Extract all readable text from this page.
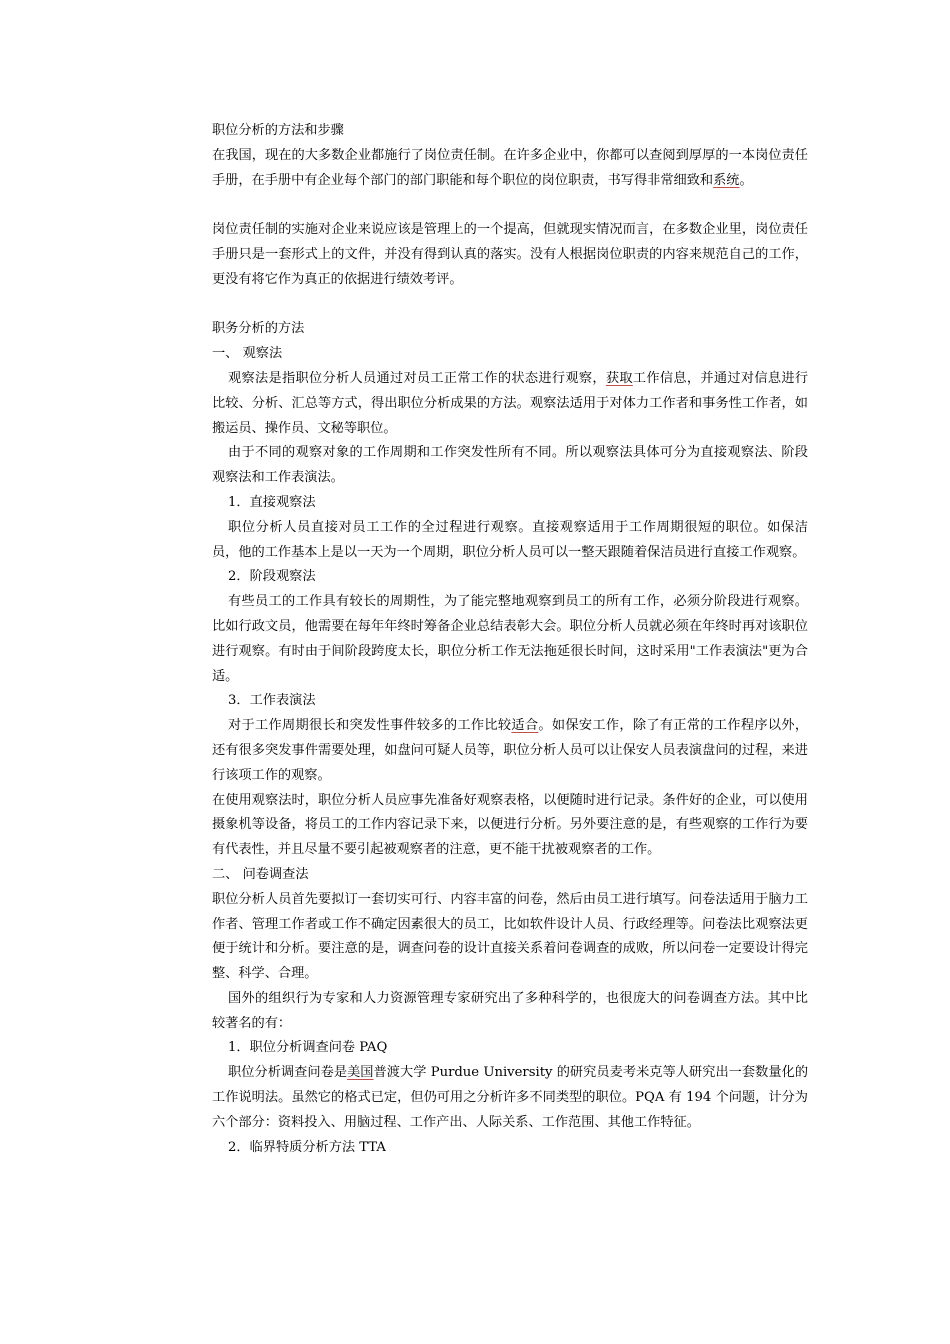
职位分析的方法和步骤
在我国，现在的大多数企业都施行了岗位责任制。在许多企业中，你都可以查阅到厚厚的一本岗位责任手册，在手册中有企业每个部门的部门职能和每个职位的岗位职责，书写得非常细致和系统。
岗位责任制的实施对企业来说应该是管理上的一个提高，但就现实情况而言，在多数企业里，岗位责任手册只是一套形式上的文件，并没有得到认真的落实。没有人根据岗位职责的内容来规范自己的工作，更没有将它作为真正的依据进行绩效考评。
职务分析的方法
一、 观察法
观察法是指职位分析人员通过对员工正常工作的状态进行观察，获取工作信息，并通过对信息进行比较、分析、汇总等方式，得出职位分析成果的方法。观察法适用于对体力工作者和事务性工作者，如搬运员、操作员、文秘等职位。
由于不同的观察对象的工作周期和工作突发性所有不同。所以观察法具体可分为直接观察法、阶段观察法和工作表演法。
1．直接观察法
职位分析人员直接对员工工作的全过程进行观察。直接观察适用于工作周期很短的职位。如保洁员，他的工作基本上是以一天为一个周期，职位分析人员可以一整天跟随着保洁员进行直接工作观察。
2．阶段观察法
有些员工的工作具有较长的周期性，为了能完整地观察到员工的所有工作，必须分阶段进行观察。比如行政文员，他需要在每年年终时筹备企业总结表彰大会。职位分析人员就必须在年终时再对该职位进行观察。有时由于间阶段跨度太长，职位分析工作无法拖延很长时间，这时采用"工作表演法"更为合适。
3．工作表演法
对于工作周期很长和突发性事件较多的工作比较适合。如保安工作，除了有正常的工作程序以外，还有很多突发事件需要处理，如盘问可疑人员等，职位分析人员可以让保安人员表演盘问的过程，来进行该项工作的观察。
在使用观察法时，职位分析人员应事先准备好观察表格，以便随时进行记录。条件好的企业，可以使用摄象机等设备，将员工的工作内容记录下来，以便进行分析。另外要注意的是，有些观察的工作行为要有代表性，并且尽量不要引起被观察者的注意，更不能干扰被观察者的工作。
二、 问卷调查法
职位分析人员首先要拟订一套切实可行、内容丰富的问卷，然后由员工进行填写。问卷法适用于脑力工作者、管理工作者或工作不确定因素很大的员工，比如软件设计人员、行政经理等。问卷法比观察法更便于统计和分析。要注意的是，调查问卷的设计直接关系着问卷调查的成败，所以问卷一定要设计得完整、科学、合理。
国外的组织行为专家和人力资源管理专家研究出了多种科学的，也很庞大的问卷调查方法。其中比较著名的有：
1．职位分析调查问卷 PAQ
职位分析调查问卷是美国普渡大学 Purdue University 的研究员麦考米克等人研究出一套数量化的工作说明法。虽然它的格式已定，但仍可用之分析许多不同类型的职位。PQA 有 194 个问题，计分为六个部分：资料投入、用脑过程、工作产出、人际关系、工作范围、其他工作特征。
2．临界特质分析方法 TTA
